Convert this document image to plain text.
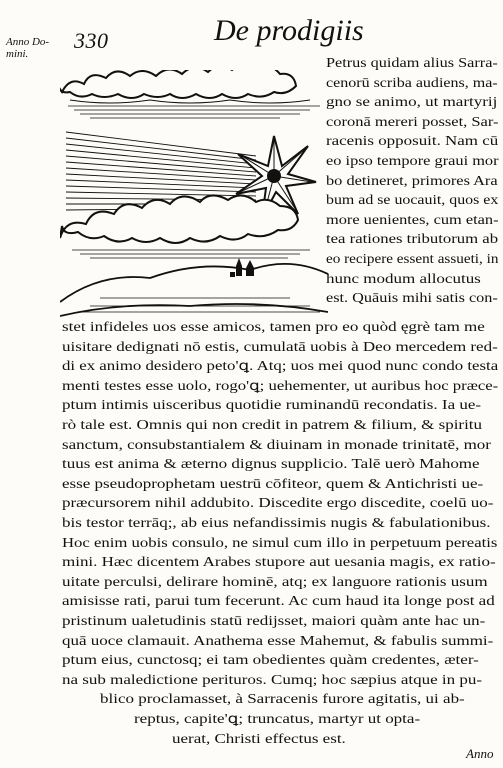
Anno Do-
mini.
330	De prodigiis
Petrus quidam alius Sarra-
cenorū scriba audiens, ma-
gno se animo, ut martyrij
coronā mereri posset, Sar-
racenis opposuit. Nam cū
eo ipso tempore graui mor
bo detineret, primores Ara
bum ad se uocauit, quos ex
more uenientes, cum etan-
tea rationes tributorum ab
eo recipere essent assueti, in
hunc modum allocutus
est. Quāuis mihi satis con-
stet infideles uos esse amicos, tamen pro eo quòd ęgrè tam me
uisitare dedignati nō estis, cumulatā uobis à Deo mercedem red-
di ex animo desidero peto'ꝗ. Atq; uos mei quod nunc condo testa
menti testes esse uolo, rogo'ꝗ; uehementer, ut auribus hoc præce-
ptum intimis uisceribus quotidie ruminandū recondatis. Ia ue-
rò tale est. Omnis qui non credit in patrem & filium, & spiritu
sanctum, consubstantialem & diuinam in monade trinitatē, mor
tuus est anima & æterno dignus supplicio. Talē uerò Mahome
esse pseudoprophetam uestrū cōfiteor, quem & Antichristi ue-
præcursorem nihil addubito. Discedite ergo discedite, coelū uo-
bis testor terrāq;, ab eius nefandissimis nugis & fabulationibus.
Hoc enim uobis consulo, ne simul cum illo in perpetuum pereatis
mini. Hæc dicentem Arabes stupore aut uesania magis, ex ratio-
uitate perculsi, delirare hominē, atq; ex languore rationis usum
amisisse rati, parui tum fecerunt. Ac cum haud ita longe post ad
pristinum ualetudinis statū redijsset, maiori quàm ante hac un-
quā uoce clamauit. Anathema esse Mahemut, & fabulis summi-
ptum eius, cunctosq; ei tam obedientes quàm credentes, æter-
na sub maledictione perituros. Cumq; hoc sæpius atque in pu-
blico proclamasset, à Sarracenis furore agitatis, ui ab-
reptus, capite'ꝗ; truncatus, martyr ut opta-
uerat, Christi effectus est.
Anno
